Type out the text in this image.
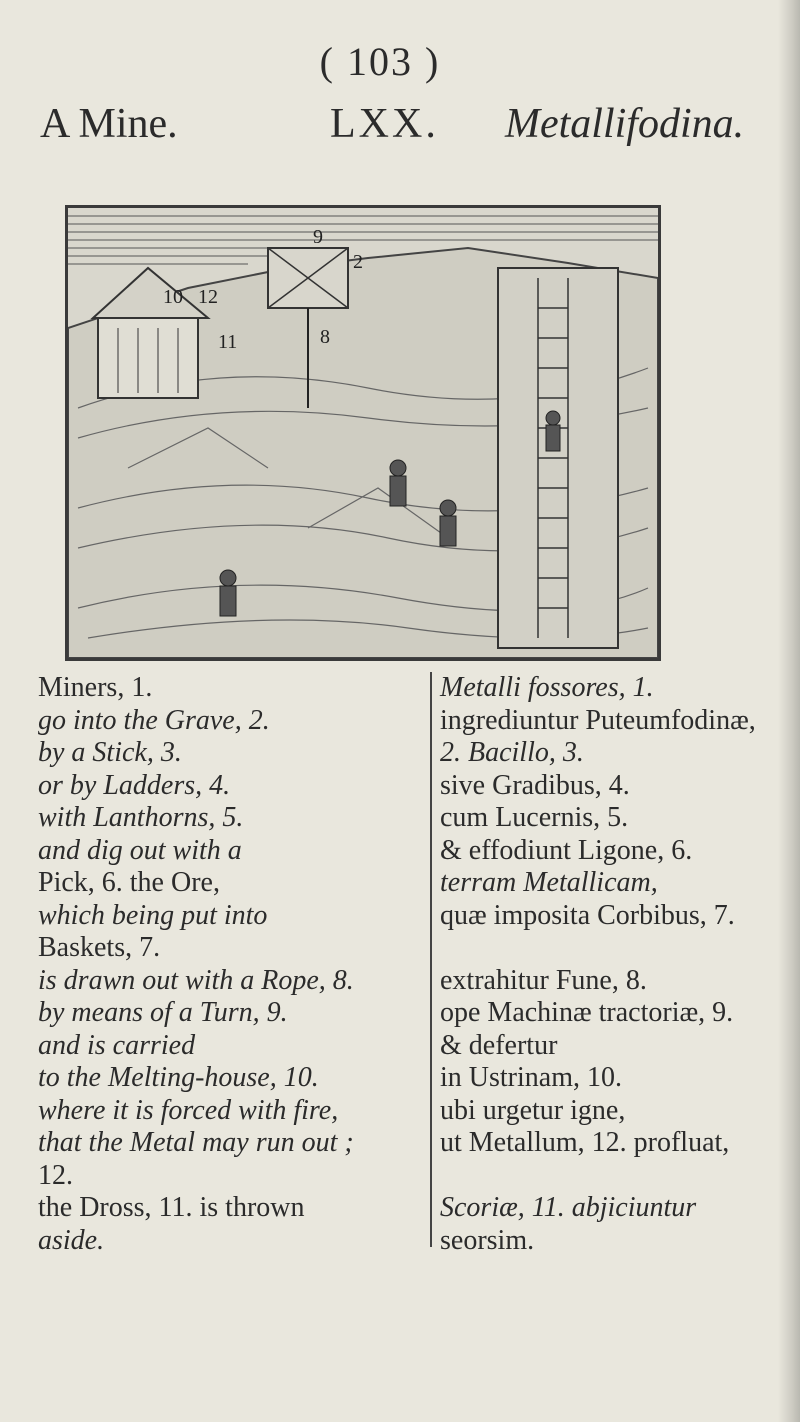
( 103 )
A Mine.	LXX. Metallifodina.
9
8
2
10 12
11
Miners, 1.
go into the Grave, 2.
by a Stick, 3.
or by Ladders, 4.
with Lanthorns, 5.
and dig out with a
Pick, 6. the Ore,
which being put into
Baskets, 7.
is drawn out with a Rope, 8.
by means of a Turn, 9.
and is carried
to the Melting-house, 10.
where it is forced with fire,
that the Metal may run out ;
12.
the Dross, 11. is thrown
aside.
Metalli fossores, 1.
ingrediuntur Puteumfodinæ,
2. Bacillo, 3.
sive Gradibus, 4.
cum Lucernis, 5.
& effodiunt Ligone, 6.
terram Metallicam,
quæ imposita Corbibus, 7.

extrahitur Fune, 8.
ope Machinæ tractoriæ, 9.
& defertur
in Ustrinam, 10.
ubi urgetur igne,
ut Metallum, 12. profluat,

Scoriæ, 11. abjiciuntur
seorsim.
